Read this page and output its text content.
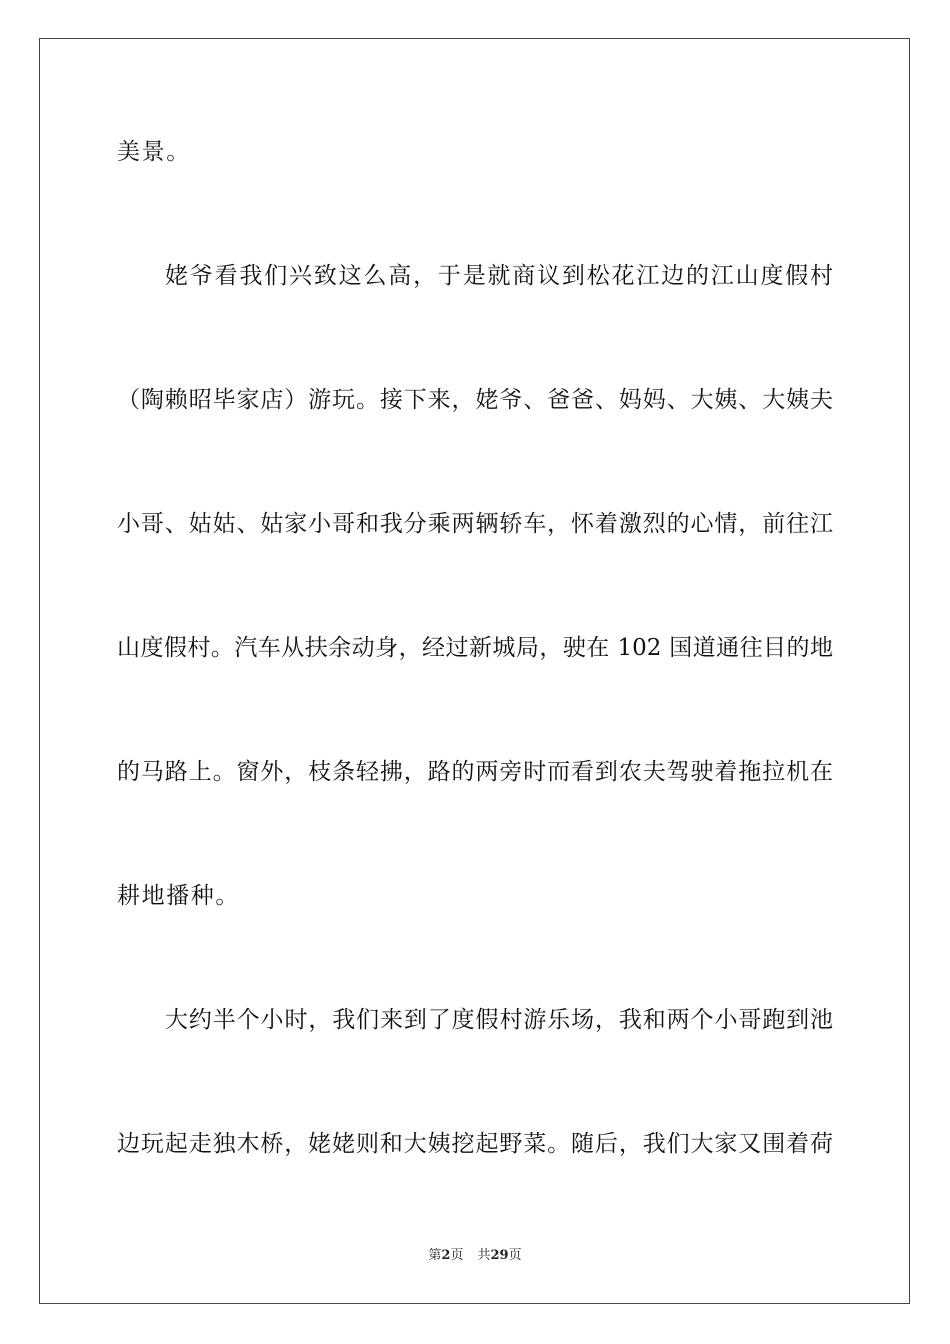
美景。
姥爷看我们兴致这么高，于是就商议到松花江边的江山度假村
（陶赖昭毕家店）游玩。接下来，姥爷、爸爸、妈妈、大姨、大姨夫
小哥、姑姑、姑家小哥和我分乘两辆轿车，怀着激烈的心情，前往江
山度假村。汽车从扶余动身，经过新城局，驶在 102 国道通往目的地
的马路上。窗外，枝条轻拂，路的两旁时而看到农夫驾驶着拖拉机在
耕地播种。
大约半个小时，我们来到了度假村游乐场，我和两个小哥跑到池
边玩起走独木桥，姥姥则和大姨挖起野菜。随后，我们大家又围着荷
第2页 共29页
